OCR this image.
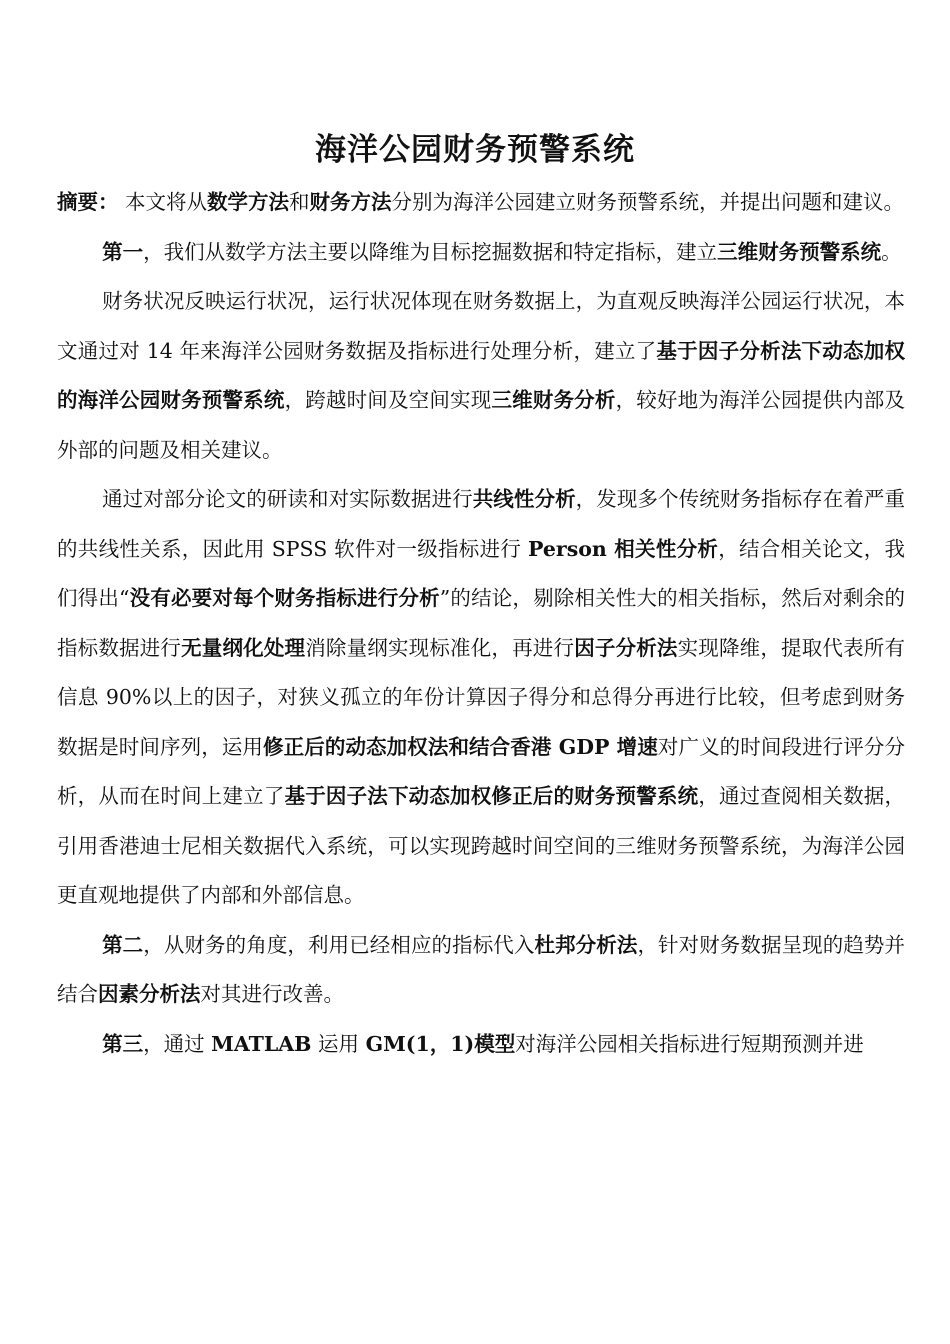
海洋公园财务预警系统

摘要： 本文将从数学方法和财务方法分别为海洋公园建立财务预警系统，并提出问题和建议。

第一，我们从数学方法主要以降维为目标挖掘数据和特定指标，建立三维财务预警系统。

财务状况反映运行状况，运行状况体现在财务数据上，为直观反映海洋公园运行状况，本文通过对 14 年来海洋公园财务数据及指标进行处理分析，建立了基于因子分析法下动态加权的海洋公园财务预警系统，跨越时间及空间实现三维财务分析，较好地为海洋公园提供内部及外部的问题及相关建议。

通过对部分论文的研读和对实际数据进行共线性分析，发现多个传统财务指标存在着严重的共线性关系，因此用 SPSS 软件对一级指标进行 Person 相关性分析，结合相关论文，我们得出“没有必要对每个财务指标进行分析”的结论，剔除相关性大的相关指标，然后对剩余的指标数据进行无量纲化处理消除量纲实现标准化，再进行因子分析法实现降维，提取代表所有信息 90%以上的因子，对狭义孤立的年份计算因子得分和总得分再进行比较，但考虑到财务数据是时间序列，运用修正后的动态加权法和结合香港 GDP 增速对广义的时间段进行评分分析，从而在时间上建立了基于因子法下动态加权修正后的财务预警系统，通过查阅相关数据，引用香港迪士尼相关数据代入系统，可以实现跨越时间空间的三维财务预警系统，为海洋公园更直观地提供了内部和外部信息。

第二，从财务的角度，利用已经相应的指标代入杜邦分析法，针对财务数据呈现的趋势并结合因素分析法对其进行改善。

第三，通过 MATLAB 运用 GM(1，1)模型对海洋公园相关指标进行短期预测并进
